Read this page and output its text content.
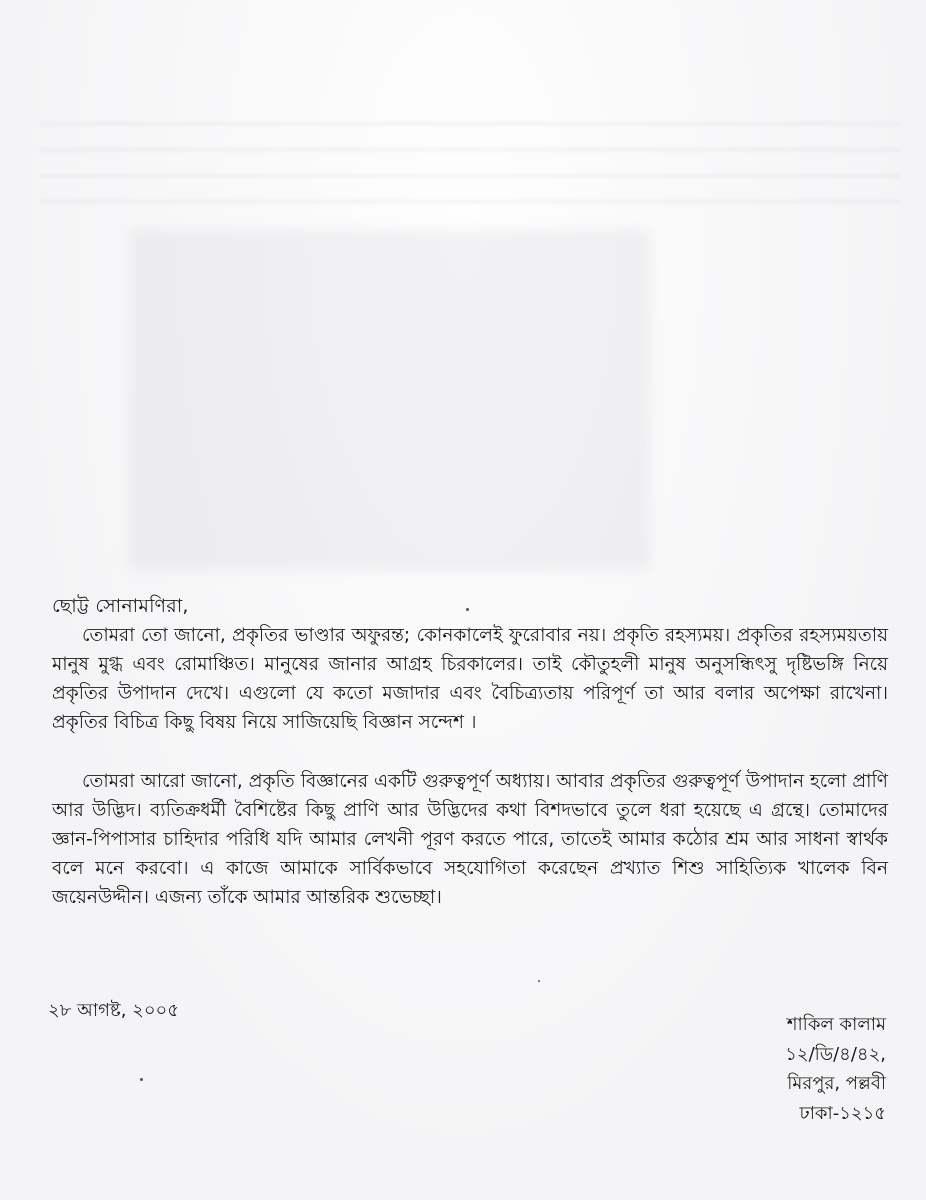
ছোট্ট সোনামণিরা,

তোমরা তো জানো, প্রকৃতির ভাণ্ডার অফুরন্ত; কোনকালেই ফুরোবার নয়। প্রকৃতি রহস্যময়। প্রকৃতির রহস্যময়তায় মানুষ মুগ্ধ এবং রোমাঞ্চিত। মানুষের জানার আগ্রহ চিরকালের। তাই কৌতুহলী মানুষ অনুসন্ধিৎসু দৃষ্টিভঙ্গি নিয়ে প্রকৃতির উপাদান দেখে। এগুলো যে কতো মজাদার এবং বৈচিত্র্যতায় পরিপূর্ণ তা আর বলার অপেক্ষা রাখেনা। প্রকৃতির বিচিত্র কিছু বিষয় নিয়ে সাজিয়েছি বিজ্ঞান সন্দেশ ।

তোমরা আরো জানো, প্রকৃতি বিজ্ঞানের একটি গুরুত্বপূর্ণ অধ্যায়। আবার প্রকৃতির গুরুত্বপূর্ণ উপাদান হলো প্রাণি আর উদ্ভিদ। ব্যতিক্রধর্মী বৈশিষ্টের কিছু প্রাণি আর উদ্ভিদের কথা বিশদভাবে তুলে ধরা হয়েছে এ গ্রন্থে। তোমাদের জ্ঞান-পিপাসার চাহিদার পরিধি যদি আমার লেখনী পূরণ করতে পারে, তাতেই আমার কঠোর শ্রম আর সাধনা স্বার্থক বলে মনে করবো। এ কাজে আমাকে সার্বিকভাবে সহযোগিতা করেছেন প্রখ্যাত শিশু সাহিত্যিক খালেক বিন জয়েনউদ্দীন। এজন্য তাঁকে আমার আন্তরিক শুভেচ্ছা।

২৮ আগষ্ট, ২০০৫
শাকিল কালাম
১২/ডি/৪/৪২,
মিরপুর, পল্লবী
ঢাকা-১২১৫
